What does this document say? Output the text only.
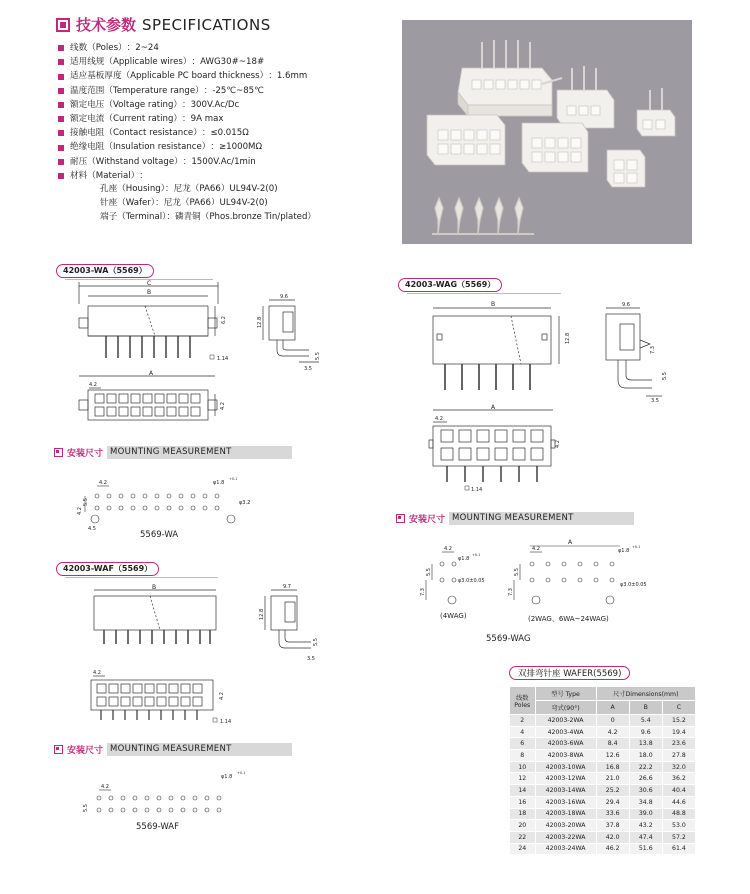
技术参数 SPECIFICATIONS
线数（Poles） ：2~24
适用线规（Applicable wires） ：AWG30#~18#
适应基板厚度（Applicable PC board thickness） ：1.6mm
温度范围（Temperature range） ：-25℃~85℃
额定电压（Voltage rating） ：300V.Ac/Dc
额定电流（Current rating） ：9A max
接触电阻（Contact resistance） ：≤0.015Ω
绝缘电阻（Insulation resistance） ：≥1000MΩ
耐压（Withstand voltage） ：1500V.Ac/1min
材料（Material） ：
孔座（Housing）：尼龙（PA66）UL94V-2(0)
针座（Wafer）：尼龙（PA66）UL94V-2(0)
端子（Terminal）：磷青铜（Phos.bronze Tin/plated）
42003-WA（5569）
C
B
6.2
1.14
9.6
12.8
5.5
3.5
A
4.2
4.2
安装尺寸 MOUNTING MEASUREMENT
4.2
4.2
5.5
4.5
φ1.8
+0.1
φ3.2
5569-WA
42003-WAF（5569）
B	9.7
12.8
5.5
3.5
4.2
4.2
1.14
安装尺寸 MOUNTING MEASUREMENT
4.2
5.5
φ1.8
+0.1
5569-WAF
42003-WAG（5569）
B
12.8
9.6
7.3
5.5
3.5
A
4.2
4.2
1.14
安装尺寸 MOUNTING MEASUREMENT
4.2
φ1.8
+0.1
φ3.0±0.05
5.5
7.3
(4WAG)
A
4.2	φ1.8
+0.1
φ3.0±0.05
5.5
7.3
(2WAG、6WA~24WAG)
5569-WAG
双排弯针座 WAFER(5569)
线数
Poles	型号 Type	尺寸Dimensions(mm)		
	弯式(90°)	A	B	C
2	42003-2WA	0	5.4	15.2
4	42003-4WA	4.2	9.6	19.4
6	42003-6WA	8.4	13.8	23.6
8	42003-8WA	12.6	18.0	27.8
10	42003-10WA	16.8	22.2	32.0
12	42003-12WA	21.0	26.6	36.2
14	42003-14WA	25.2	30.6	40.4
16	42003-16WA	29.4	34.8	44.6
18	42003-18WA	33.6	39.0	48.8
20	42003-20WA	37.8	43.2	53.0
22	42003-22WA	42.0	47.4	57.2
24	42003-24WA	46.2	51.6	61.4
